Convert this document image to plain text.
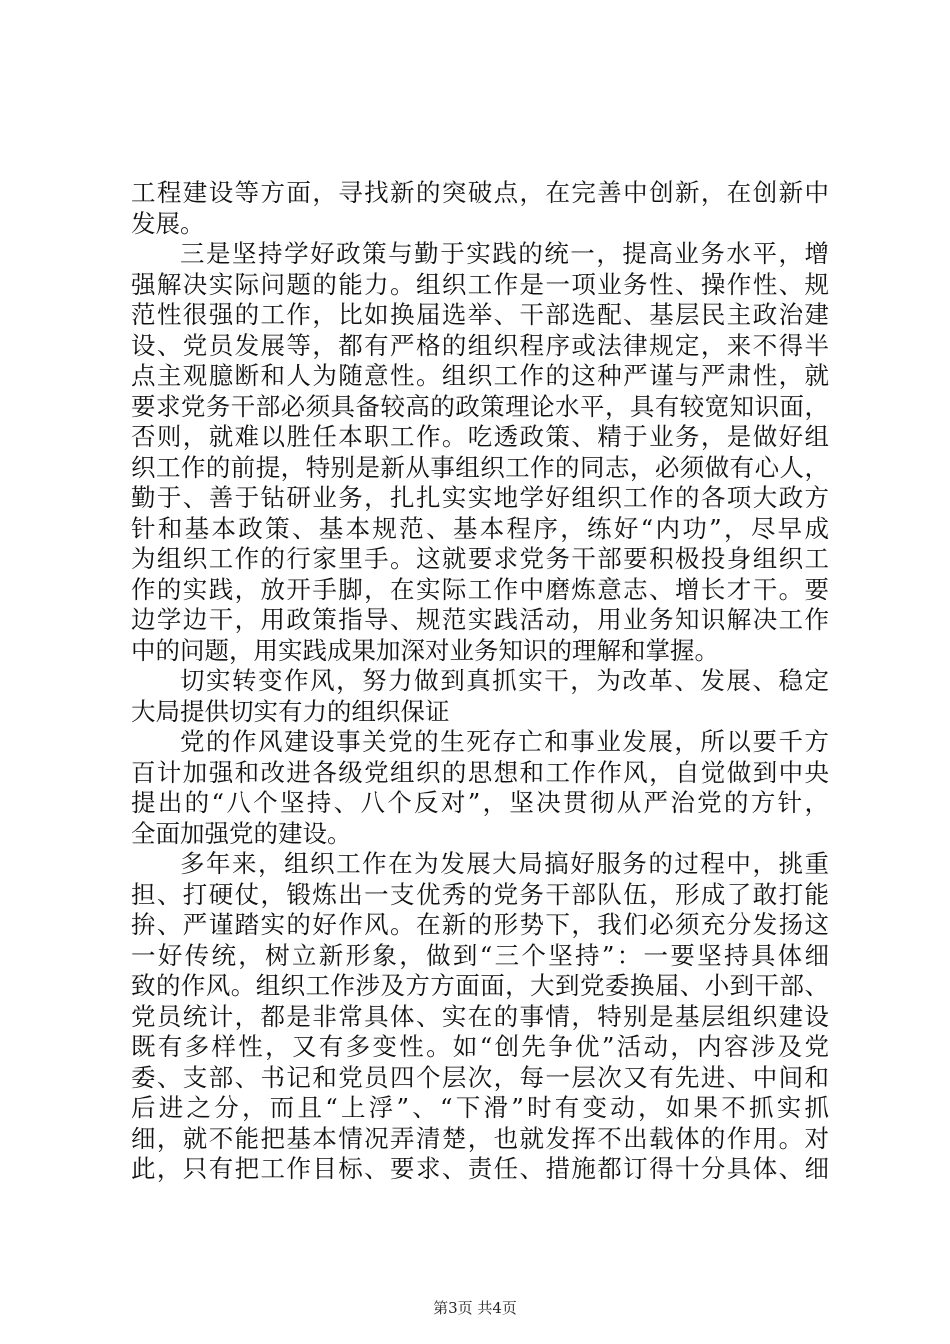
工程建设等方面，寻找新的突破点，在完善中创新，在创新中
发展。
三是坚持学好政策与勤于实践的统一，提高业务水平，增
强解决实际问题的能力。组织工作是一项业务性、操作性、规
范性很强的工作，比如换届选举、干部选配、基层民主政治建
设、党员发展等，都有严格的组织程序或法律规定，来不得半
点主观臆断和人为随意性。组织工作的这种严谨与严肃性，就
要求党务干部必须具备较高的政策理论水平，具有较宽知识面，
否则，就难以胜任本职工作。吃透政策、精于业务，是做好组
织工作的前提，特别是新从事组织工作的同志，必须做有心人，
勤于、善于钻研业务，扎扎实实地学好组织工作的各项大政方
针和基本政策、基本规范、基本程序，练好“内功”，尽早成
为组织工作的行家里手。这就要求党务干部要积极投身组织工
作的实践，放开手脚，在实际工作中磨炼意志、增长才干。要
边学边干，用政策指导、规范实践活动，用业务知识解决工作
中的问题，用实践成果加深对业务知识的理解和掌握。
切实转变作风，努力做到真抓实干，为改革、发展、稳定
大局提供切实有力的组织保证
党的作风建设事关党的生死存亡和事业发展，所以要千方
百计加强和改进各级党组织的思想和工作作风，自觉做到中央
提出的“八个坚持、八个反对”，坚决贯彻从严治党的方针，
全面加强党的建设。
多年来，组织工作在为发展大局搞好服务的过程中，挑重
担、打硬仗，锻炼出一支优秀的党务干部队伍，形成了敢打能
拚、严谨踏实的好作风。在新的形势下，我们必须充分发扬这
一好传统，树立新形象，做到“三个坚持”：一要坚持具体细
致的作风。组织工作涉及方方面面，大到党委换届、小到干部、
党员统计，都是非常具体、实在的事情，特别是基层组织建设
既有多样性，又有多变性。如“创先争优”活动，内容涉及党
委、支部、书记和党员四个层次，每一层次又有先进、中间和
后进之分，而且“上浮”、“下滑”时有变动，如果不抓实抓
细，就不能把基本情况弄清楚，也就发挥不出载体的作用。对
此，只有把工作目标、要求、责任、措施都订得十分具体、细
第3页 共4页
